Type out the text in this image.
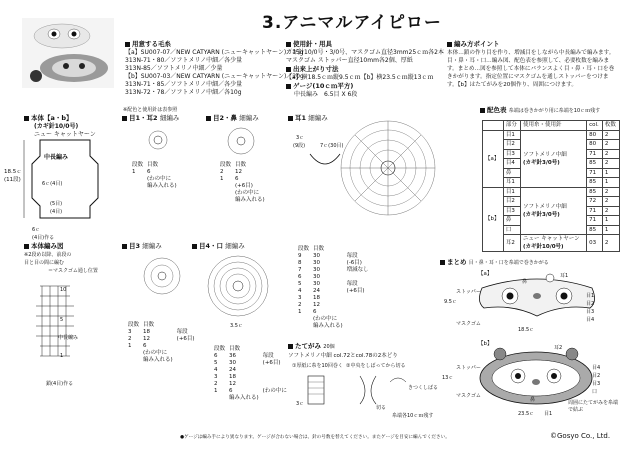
3.アニマルアイピロー
用意する毛糸
【a】SU007-07／NEW CATYARN (ニューキャットヤーン)／15g
313N-71・80／ソフトメリノ中細／各少量
313N-85／ソフトメリノ中細／少量
【b】SU007-03／NEW CATYARN (ニューキャットヤーン)／20g
313N-71・85／ソフトメリノ中細／各少量
313N-72・78／ソフトメリノ中細／各10g
使用針・用具
カギ針10/0号・3/0号、マスクゴム直径3mm25ｃｍ各2本
マスクゴム ストッパー直径10mm各2個、厚紙
出来上がり寸法
【a】横18.5ｃｍ縦9.5ｃｍ【b】横23.5ｃｍ縦13ｃｍ
ゲージ(10ｃｍ平方)
中長編み　6.5目 X 6段
編み方ポイント
本体…鎖の作り目を作り、増減目をしながら中長編みで編みます。目・鼻・耳・口…編み図、配色表を参照して、必要枚数を編みます。まとめ…図を参照して本体にバランスよく目・鼻・耳・口を巻きかがります。指定位置にマスクゴムを通しストッパーをつけます。【b】はたてがみを20個作り、周囲につけます。
※配色と使用針は表参照
本体【a・b】
(カギ針10/0号)
ニュー キャットヤーン
18.5ｃ
(11段)
中長編み
6ｃ(4目)
(5目)
(4目)
6ｃ
(4目)作る
本体編み図
※2段め以降、前段の
目と目の間に編む
＝マスクゴム通し位置
10
5
1
中長編み
鎖(4目)作る
目1・耳2 細編み
段数	目数
1	6
	(わの中に
	編み入れる)
目2・鼻 細編み
段数	目数
2	12
1	6
	(+6目)
	(わの中に
	編み入れる)
耳1 細編み
3ｃ
(9段)	7ｃ(30目)
段数	目数	
9	30	毎段
8	30	(-6目)
7	30	増減なし
6	30	
5	30	毎段
4	24	(+6目)
3	18	
2	12	
1	6	
	(わの中に	
	編み入れる)	
目3 細編み
段数	目数	
3	18	毎段
2	12	(+6目)
1	6	
	(わの中に	
	編み入れる)	
目4・口 細編み
3.5ｃ
段数	目数	
6	36	毎段
5	30	(+6目)
4	24	
3	18	
2	12	
1	6	(わの中に
	編み入れる)	
たてがみ 20個
ソフトメリノ中細 col.72とcol.78の2本どり
①厚紙に糸を10回巻く ②中央をしばってから切る
3ｃ
きつくしばる
切る
糸端各10ｃｍ残す
配色表 糸端は巻きかがり用に糸端を10ｃｍ残す
	部分	使用糸・使用針	col.	枚数
【a】	目1	ソフトメリノ中細
(カギ針3/0号)	80	2
	目2		80	2
	目3		71	2
	目4		85	2
	鼻		71	1
	耳1		85	1
【b】	目1	ソフトメリノ中細
(カギ針3/0号)	85	2
	目2		72	2
	目3		71	2
	鼻		71	1
	口		85	1
	耳2	ニュー キャットヤーン
(カギ針10/0号)	03	2
まとめ 目・鼻・耳・口を糸端で巻きかがる
【a】
ストッパー
マスクゴム
9.5ｃ
18.5ｃ
耳1
鼻
目1
目2
目3
目4
【b】
ストッパー
マスクゴム
13ｃ
23.5ｃ
耳2
目4
目2
目3
口
目1
鼻	周囲にたてがみを糸端で結ぶ
●ゲージは編み手により異なります。ゲージが合わない場合は、針の号数を替えてください。またゲージを目安に編んでください。	©Gosyo Co., Ltd.
